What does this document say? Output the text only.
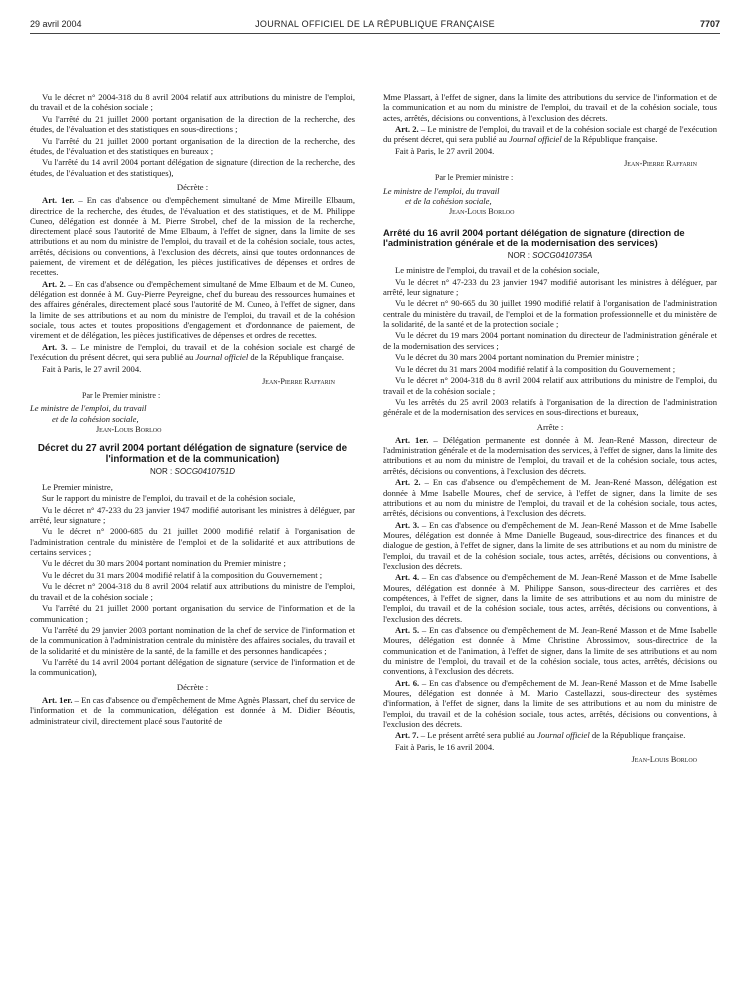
29 avril 2004	JOURNAL OFFICIEL DE LA RÉPUBLIQUE FRANÇAISE	7707

Vu le décret n° 2004-318 du 8 avril 2004 relatif aux attributions du ministre de l'emploi, du travail et de la cohésion sociale ;

Vu l'arrêté du 21 juillet 2000 portant organisation de la direction de la recherche, des études, de l'évaluation et des statistiques en sous-directions ;

Vu l'arrêté du 21 juillet 2000 portant organisation de la direction de la recherche, des études, de l'évaluation et des statistiques en bureaux ;

Vu l'arrêté du 14 avril 2004 portant délégation de signature (direction de la recherche, des études, de l'évaluation et des statistiques),

Décrète :

Art. 1er. – En cas d'absence ou d'empêchement simultané de Mme Mireille Elbaum, directrice de la recherche, des études, de l'évaluation et des statistiques, et de M. Philippe Cuneo, délégation est donnée à M. Pierre Strobel, chef de la mission de la recherche, directement placé sous l'autorité de Mme Elbaum, à l'effet de signer, dans la limite de ses attributions et au nom du ministre de l'emploi, du travail et de la cohésion sociale, tous actes, arrêtés, décisions ou conventions, à l'exclusion des décrets, ainsi que toutes ordonnances de paiement, de virement et de délégation, les pièces justificatives de dépenses et ordres de recettes.

Art. 2. – En cas d'absence ou d'empêchement simultané de Mme Elbaum et de M. Cuneo, délégation est donnée à M. Guy-Pierre Peyreigne, chef du bureau des ressources humaines et des affaires générales, directement placé sous l'autorité de M. Cuneo, à l'effet de signer, dans la limite de ses attributions et au nom du ministre de l'emploi, du travail et de la cohésion sociale, tous actes et toutes propositions d'engagement et d'ordonnance de paiement, de virement et de délégation, les pièces justificatives de dépenses et ordres de recettes.

Art. 3. – Le ministre de l'emploi, du travail et de la cohésion sociale est chargé de l'exécution du présent décret, qui sera publié au Journal officiel de la République française.

Fait à Paris, le 27 avril 2004.

Jean-Pierre Raffarin

Par le Premier ministre :

Le ministre de l'emploi, du travail

et de la cohésion sociale,

Jean-Louis Borloo

Décret du 27 avril 2004 portant délégation de signature (service de l'information et de la communication)
NOR : SOCG0410751D

Le Premier ministre,

Sur le rapport du ministre de l'emploi, du travail et de la cohésion sociale,

Vu le décret n° 47-233 du 23 janvier 1947 modifié autorisant les ministres à déléguer, par arrêté, leur signature ;

Vu le décret n° 2000-685 du 21 juillet 2000 modifié relatif à l'organisation de l'administration centrale du ministère de l'emploi et de la solidarité et aux attributions de certains services ;

Vu le décret du 30 mars 2004 portant nomination du Premier ministre ;

Vu le décret du 31 mars 2004 modifié relatif à la composition du Gouvernement ;

Vu le décret n° 2004-318 du 8 avril 2004 relatif aux attributions du ministre de l'emploi, du travail et de la cohésion sociale ;

Vu l'arrêté du 21 juillet 2000 portant organisation du service de l'information et de la communication ;

Vu l'arrêté du 29 janvier 2003 portant nomination de la chef de service de l'information et de la communication à l'administration centrale du ministère des affaires sociales, du travail et de la solidarité et du ministère de la santé, de la famille et des personnes handicapées ;

Vu l'arrêté du 14 avril 2004 portant délégation de signature (service de l'information et de la communication),

Décrète :

Art. 1er. – En cas d'absence ou d'empêchement de Mme Agnès Plassart, chef du service de l'information et de la communication, délégation est donnée à M. Didier Béoutis, administrateur civil, directement placé sous l'autorité de

Mme Plassart, à l'effet de signer, dans la limite des attributions du service de l'information et de la communication et au nom du ministre de l'emploi, du travail et de la cohésion sociale, tous actes, arrêtés, décisions ou conventions, à l'exclusion des décrets.

Art. 2. – Le ministre de l'emploi, du travail et de la cohésion sociale est chargé de l'exécution du présent décret, qui sera publié au Journal officiel de la République française.

Fait à Paris, le 27 avril 2004.

Jean-Pierre Raffarin

Par le Premier ministre :

Le ministre de l'emploi, du travail

et de la cohésion sociale,

Jean-Louis Borloo

Arrêté du 16 avril 2004 portant délégation de signature (direction de l'administration générale et de la modernisation des services)
NOR : SOCG0410735A

Le ministre de l'emploi, du travail et de la cohésion sociale,

Vu le décret n° 47-233 du 23 janvier 1947 modifié autorisant les ministres à déléguer, par arrêté, leur signature ;

Vu le décret n° 90-665 du 30 juillet 1990 modifié relatif à l'organisation de l'administration centrale du ministère du travail, de l'emploi et de la formation professionnelle et du ministère de la solidarité, de la santé et de la protection sociale ;

Vu le décret du 19 mars 2004 portant nomination du directeur de l'administration générale et de la modernisation des services ;

Vu le décret du 30 mars 2004 portant nomination du Premier ministre ;

Vu le décret du 31 mars 2004 modifié relatif à la composition du Gouvernement ;

Vu le décret n° 2004-318 du 8 avril 2004 relatif aux attributions du ministre de l'emploi, du travail et de la cohésion sociale ;

Vu les arrêtés du 25 avril 2003 relatifs à l'organisation de la direction de l'administration générale et de la modernisation des services en sous-directions et bureaux,

Arrête :

Art. 1er. – Délégation permanente est donnée à M. Jean-René Masson, directeur de l'administration générale et de la modernisation des services, à l'effet de signer, dans la limite des attributions et au nom du ministre de l'emploi, du travail et de la cohésion sociale, tous actes, arrêtés, décisions ou conventions, à l'exclusion des décrets.

Art. 2. – En cas d'absence ou d'empêchement de M. Jean-René Masson, délégation est donnée à Mme Isabelle Moures, chef de service, à l'effet de signer, dans la limite de ses attributions et au nom du ministre de l'emploi, du travail et de la cohésion sociale, tous actes, arrêtés, décisions ou conventions, à l'exclusion des décrets.

Art. 3. – En cas d'absence ou d'empêchement de M. Jean-René Masson et de Mme Isabelle Moures, délégation est donnée à Mme Danielle Bugeaud, sous-directrice des finances et du dialogue de gestion, à l'effet de signer, dans la limite de ses attributions et au nom du ministre de l'emploi, du travail et de la cohésion sociale, tous actes, arrêtés, décisions ou conventions, à l'exclusion des décrets.

Art. 4. – En cas d'absence ou d'empêchement de M. Jean-René Masson et de Mme Isabelle Moures, délégation est donnée à M. Philippe Sanson, sous-directeur des carrières et des compétences, à l'effet de signer, dans la limite de ses attributions et au nom du ministre de l'emploi, du travail et de la cohésion sociale, tous actes, arrêtés, décisions ou conventions, à l'exclusion des décrets.

Art. 5. – En cas d'absence ou d'empêchement de M. Jean-René Masson et de Mme Isabelle Moures, délégation est donnée à Mme Christine Abrossimov, sous-directrice de la communication et de l'animation, à l'effet de signer, dans la limite de ses attributions et au nom du ministre de l'emploi, du travail et de la cohésion sociale, tous actes, arrêtés, décisions ou conventions, à l'exclusion des décrets.

Art. 6. – En cas d'absence ou d'empêchement de M. Jean-René Masson et de Mme Isabelle Moures, délégation est donnée à M. Mario Castellazzi, sous-directeur des systèmes d'information, à l'effet de signer, dans la limite de ses attributions et au nom du ministre de l'emploi, du travail et de la cohésion sociale, tous actes, arrêtés, décisions ou conventions, à l'exclusion des décrets.

Art. 7. – Le présent arrêté sera publié au Journal officiel de la République française.

Fait à Paris, le 16 avril 2004.

Jean-Louis Borloo
